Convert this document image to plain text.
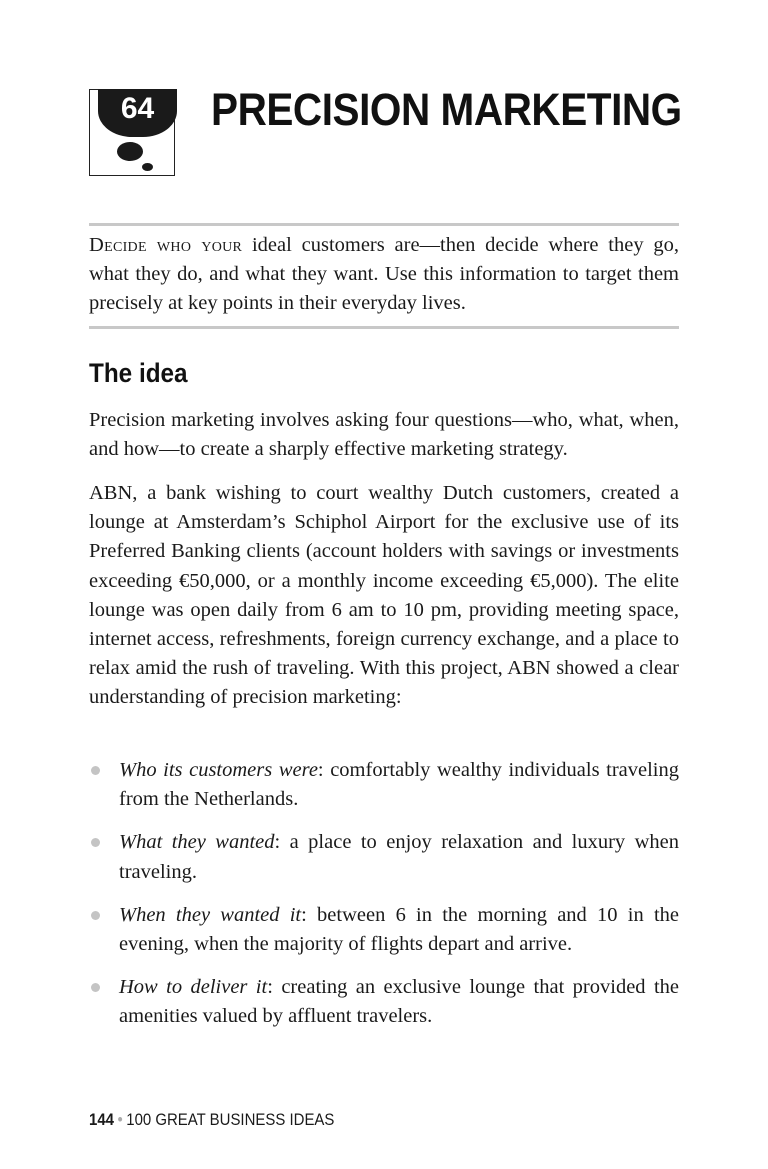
64	PRECISION MARKETING

Decide who your ideal customers are—then decide where they go, what they do, and what they want. Use this information to target them precisely at key points in their everyday lives.

The idea

Precision marketing involves asking four questions—who, what, when, and how—to create a sharply effective marketing strategy.

ABN, a bank wishing to court wealthy Dutch customers, created a lounge at Amsterdam’s Schiphol Airport for the exclusive use of its Preferred Banking clients (account holders with savings or investments exceeding €50,000, or a monthly income exceeding €5,000). The elite lounge was open daily from 6 am to 10 pm, providing meeting space, internet access, refreshments, foreign currency exchange, and a place to relax amid the rush of traveling. With this project, ABN showed a clear understanding of precision marketing:

Who its customers were: comfortably wealthy individuals traveling from the Netherlands.
What they wanted: a place to enjoy relaxation and luxury when traveling.
When they wanted it: between 6 in the morning and 10 in the evening, when the majority of flights depart and arrive.
How to deliver it: creating an exclusive lounge that provided the amenities valued by affluent travelers.

144 • 100 GREAT BUSINESS IDEAS
